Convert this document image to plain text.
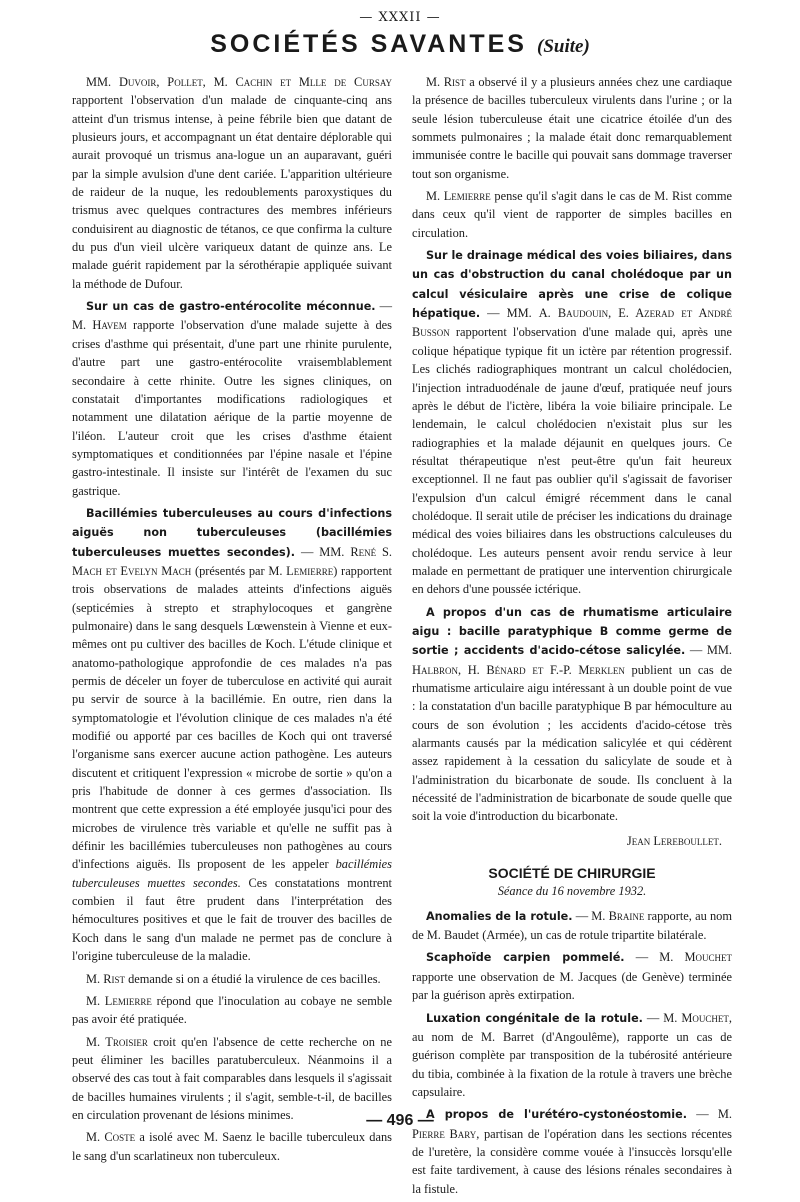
— XXXII —
SOCIÉTÉS SAVANTES (Suite)

MM. Duvoir, Pollet, M. Cachin et Mlle de Cursay rapportent l'observation d'un malade de cinquante-cinq ans atteint d'un trismus intense, à peine fébrile bien que datant de plusieurs jours, et accompagnant un état dentaire déplorable qui aurait provoqué un trismus ana-logue un an auparavant, guéri par la simple avulsion d'une dent cariée. L'apparition ultérieure de raideur de la nuque, les redoublements paroxystiques du trismus avec quelques contractures des membres inférieurs conduisirent au diagnostic de tétanos, ce que confirma la culture du pus d'un vieil ulcère variqueux datant de quinze ans. Le malade guérit rapidement par la sérothérapie appliquée suivant la méthode de Dufour.

Sur un cas de gastro-entérocolite méconnue. — M. Havem rapporte l'observation d'une malade sujette à des crises d'asthme qui présentait, d'une part une rhinite purulente, d'autre part une gastro-entérocolite vraisemblablement secondaire à cette rhinite. Outre les signes cliniques, on constatait d'importantes modifications radiologiques et notamment une dilatation aérique de la partie moyenne de l'iléon. L'auteur croit que les crises d'asthme étaient symptomatiques et conditionnées par l'épine nasale et l'épine gastro-intestinale. Il insiste sur l'intérêt de l'examen du suc gastrique.

Bacillémies tuberculeuses au cours d'infections aiguës non tuberculeuses (bacillémies tuberculeuses muettes secondes). — MM. René S. Mach et Evelyn Mach (présentés par M. Lemierre) rapportent trois observations de malades atteints d'infections aiguës (septicémies à strepto et straphylocoques et gangrène pulmonaire) dans le sang desquels Lœwenstein à Vienne et eux-mêmes ont pu cultiver des bacilles de Koch. L'étude clinique et anatomo-pathologique approfondie de ces malades n'a pas permis de déceler un foyer de tuberculose en activité qui aurait pu servir de source à la bacillémie. En outre, rien dans la symptomatologie et l'évolution clinique de ces malades n'a été modifié ou apporté par ces bacilles de Koch qui ont traversé l'organisme sans exercer aucune action pathogène. Les auteurs discutent et critiquent l'expression « microbe de sortie » qu'on a pris l'habitude de donner à ces germes d'association. Ils montrent que cette expression a été employée jusqu'ici pour des microbes de virulence très variable et qu'elle ne suffit pas à définir les bacillémies tuberculeuses non pathogènes au cours d'infections aiguës. Ils proposent de les appeler bacillémies tuberculeuses muettes secondes. Ces constatations montrent combien il faut être prudent dans l'interprétation des hémocultures positives et que le fait de trouver des bacilles de Koch dans le sang d'un malade ne permet pas de conclure à l'origine tuberculeuse de la maladie.

M. Rist demande si on a étudié la virulence de ces bacilles.

M. Lemierre répond que l'inoculation au cobaye ne semble pas avoir été pratiquée.

M. Troisier croit qu'en l'absence de cette recherche on ne peut éliminer les bacilles paratuberculeux. Néanmoins il a observé des cas tout à fait comparables dans lesquels il s'agissait de bacilles humaines virulents ; il s'agit, semble-t-il, de bacilles en circulation provenant de lésions minimes.

M. Coste a isolé avec M. Saenz le bacille tuberculeux dans le sang d'un scarlatineux non tuberculeux.

M. Rist a observé il y a plusieurs années chez une cardiaque la présence de bacilles tuberculeux virulents dans l'urine ; or la seule lésion tuberculeuse était une cicatrice étoilée d'un des sommets pulmonaires ; la malade était donc remarquablement immunisée contre le bacille qui pouvait sans dommage traverser tout son organisme.

M. Lemierre pense qu'il s'agit dans le cas de M. Rist comme dans ceux qu'il vient de rapporter de simples bacilles en circulation.

Sur le drainage médical des voies biliaires, dans un cas d'obstruction du canal cholédoque par un calcul vésiculaire après une crise de colique hépatique. — MM. A. Baudouin, E. Azerad et André Busson rapportent l'observation d'une malade qui, après une colique hépatique typique fit un ictère par rétention progressif. Les clichés radiographiques montrant un calcul cholédocien, l'injection intraduodénale de jaune d'œuf, pratiquée neuf jours après le début de l'ictère, libéra la voie biliaire principale. Le lendemain, le calcul cholédocien n'existait plus sur les radiographies et la malade déjaunit en quelques jours. Ce résultat thérapeutique n'est peut-être qu'un fait heureux exceptionnel. Il ne faut pas oublier qu'il s'agissait de favoriser l'expulsion d'un calcul émigré récemment dans le canal cholédoque. Il serait utile de préciser les indications du drainage médical des voies biliaires dans les obstructions calculeuses du cholédoque. Les auteurs pensent avoir rendu service à leur malade en permettant de pratiquer une intervention chirurgicale en dehors d'une poussée ictérique.

A propos d'un cas de rhumatisme articulaire aigu : bacille paratyphique B comme germe de sortie ; accidents d'acido-cétose salicylée. — MM. Halbron, H. Bénard et F.-P. Merklen publient un cas de rhumatisme articulaire aigu intéressant à un double point de vue : la constatation d'un bacille paratyphique B par hémoculture au cours de son évolution ; les accidents d'acido-cétose très alarmants causés par la médication salicylée et qui cédèrent assez rapidement à la cessation du salicylate de soude et à l'administration du bicarbonate de soude. Ils concluent à la nécessité de l'administration de bicarbonate de soude quelle que soit la voie d'introduction du bicarbonate.

Jean Lereboullet.
SOCIÉTÉ DE CHIRURGIE
Séance du 16 novembre 1932.

Anomalies de la rotule. — M. Braine rapporte, au nom de M. Baudet (Armée), un cas de rotule tripartite bilatérale.

Scaphoïde carpien pommelé. — M. Mouchet rapporte une observation de M. Jacques (de Genève) terminée par la guérison après extirpation.

Luxation congénitale de la rotule. — M. Mouchet, au nom de M. Barret (d'Angoulême), rapporte un cas de guérison complète par transposition de la tubérosité antérieure du tibia, combinée à la fixation de la rotule à travers une brèche capsulaire.

A propos de l'urétéro-cystonéostomie. — M. Pierre Bary, partisan de l'opération dans les sections récentes de l'uretère, la considère comme vouée à l'insuccès lorsqu'elle est faite tardivement, à cause des lésions rénales secondaires à la fistule.

— 496 —
